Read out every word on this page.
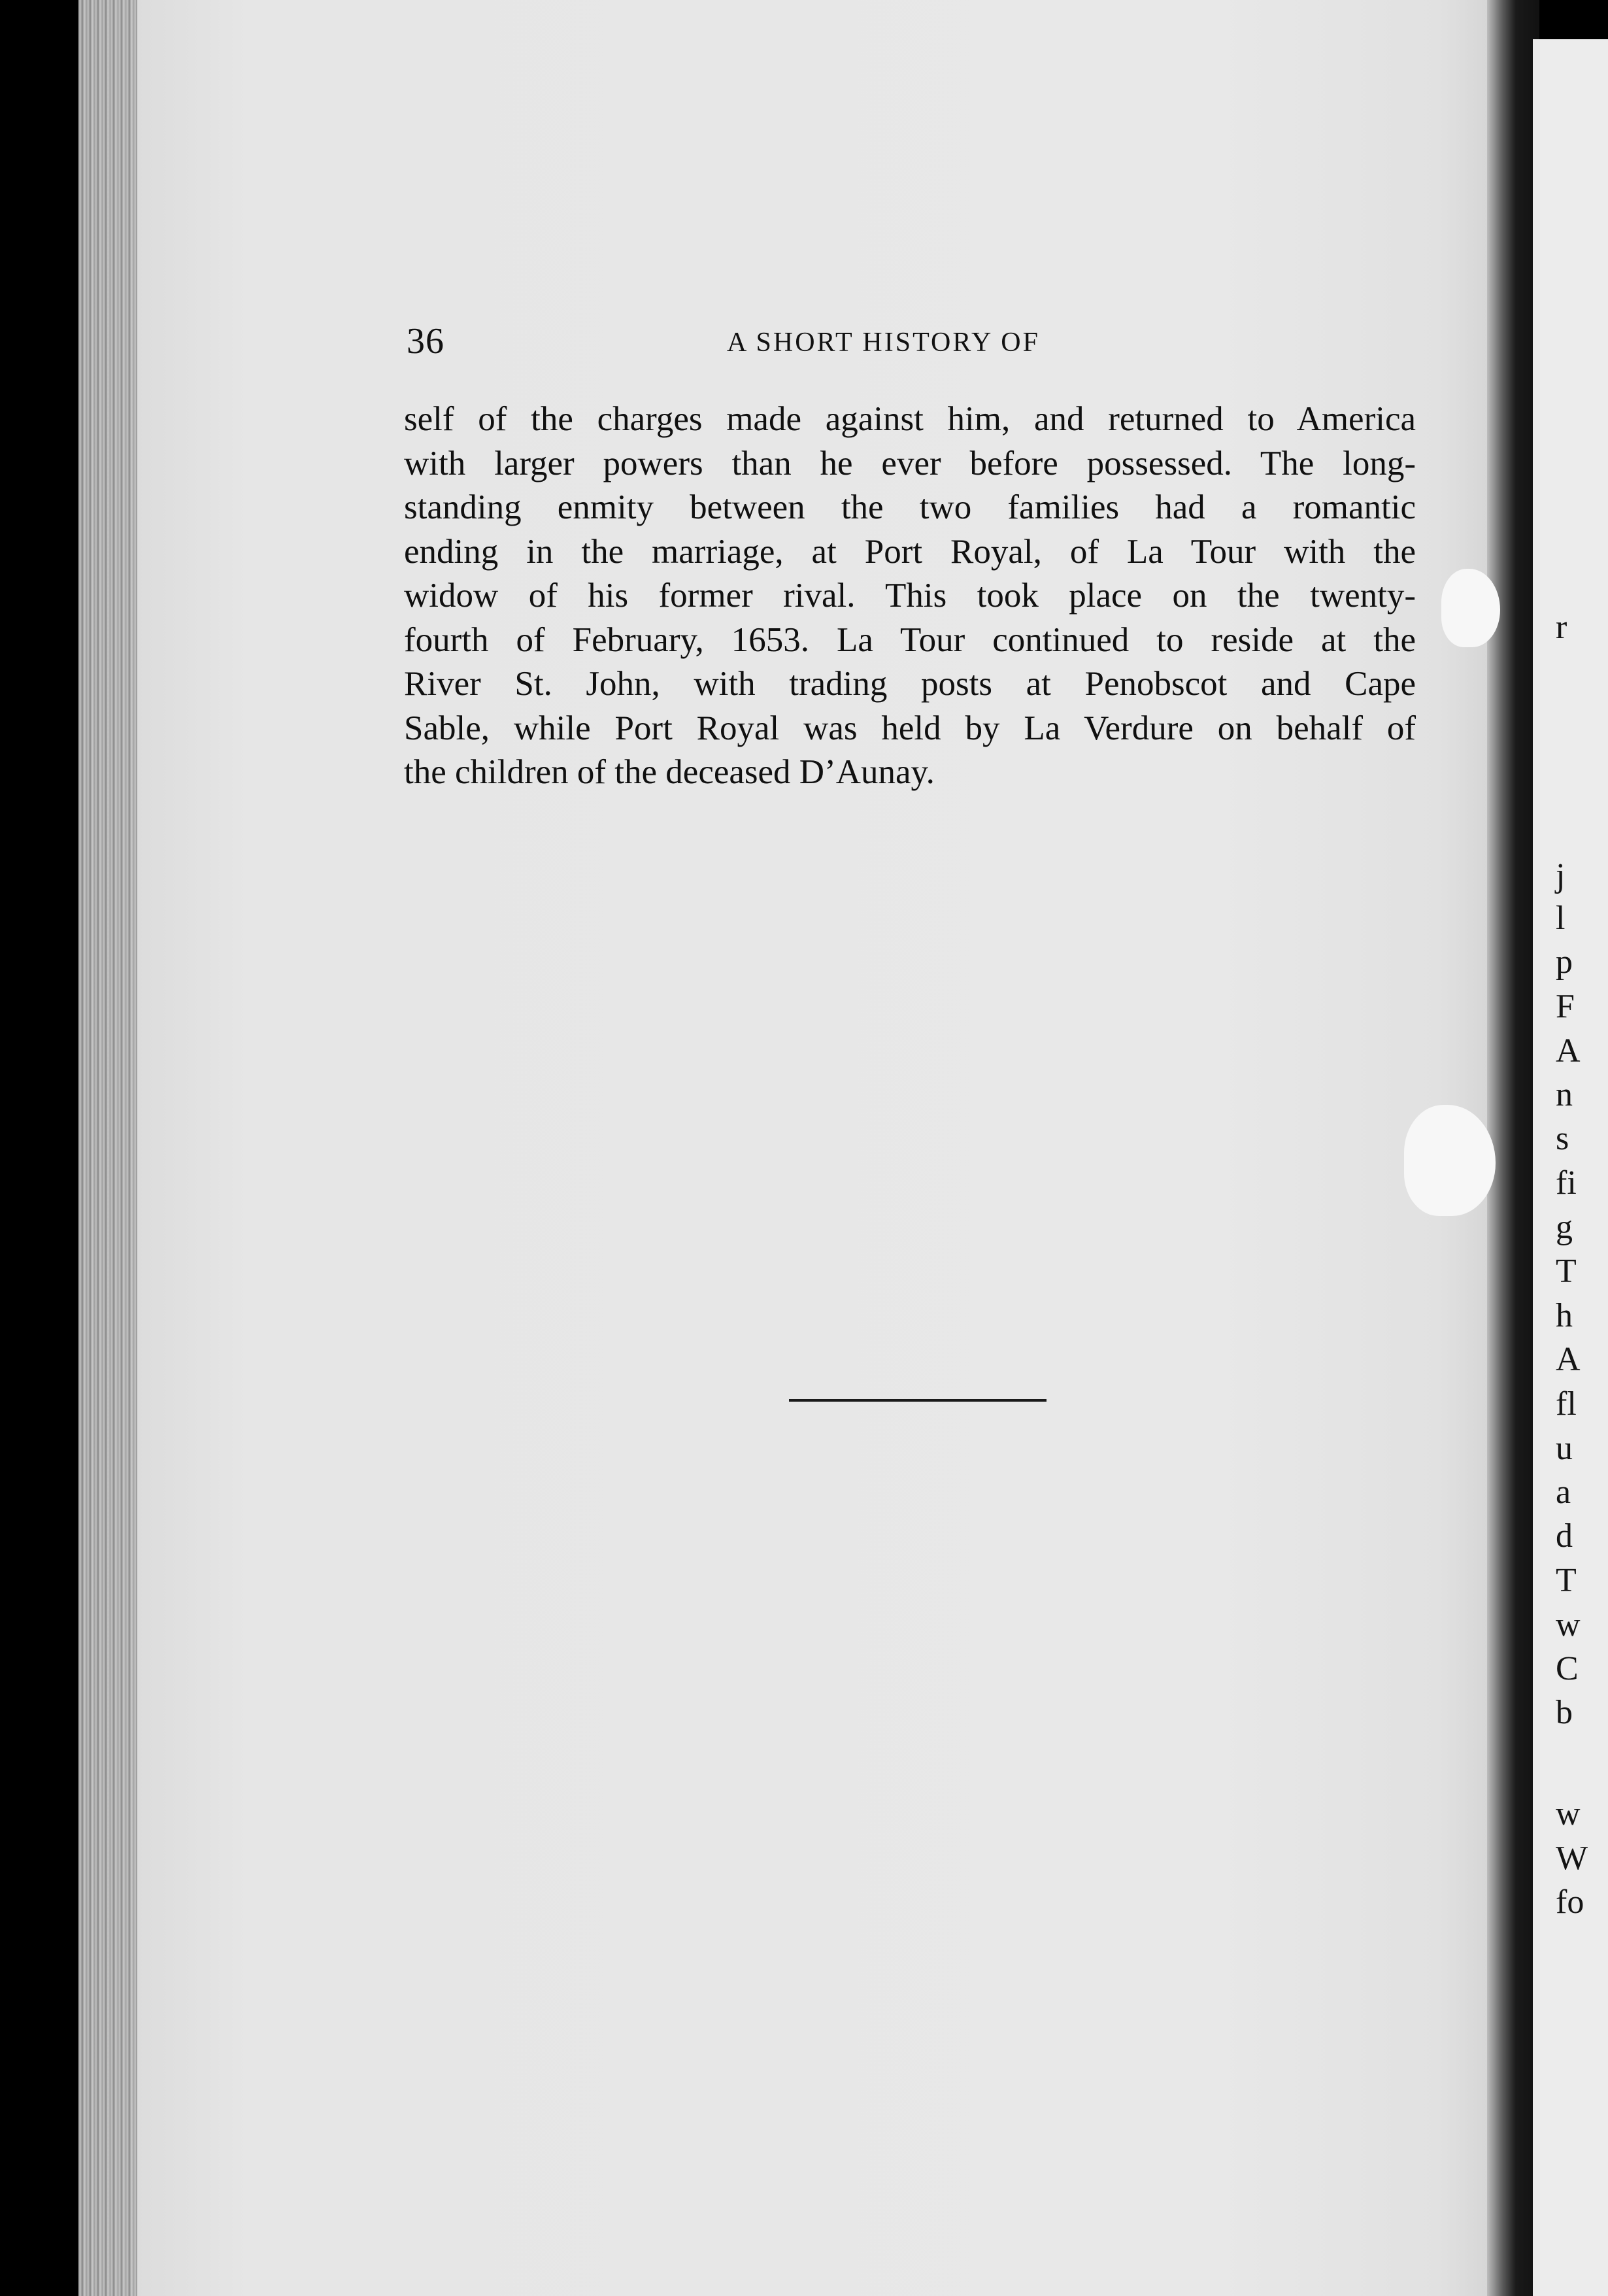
36	A SHORT HISTORY OF
self of the charges made against him, and returned to America
with larger powers than he ever before possessed. The long-
standing enmity between the two families had a romantic
ending in the marriage, at Port Royal, of La Tour with the
widow of his former rival. This took place on the twenty-
fourth of February, 1653. La Tour continued to reside at the
River St. John, with trading posts at Penobscot and Cape
Sable, while Port Royal was held by La Verdure on behalf of
the children of the deceased D’Aunay.
r
j
l
p
F
A
n
s
fi
g
T
h
A
fl
u
a
d
T
w
C
b
w
W
fo
